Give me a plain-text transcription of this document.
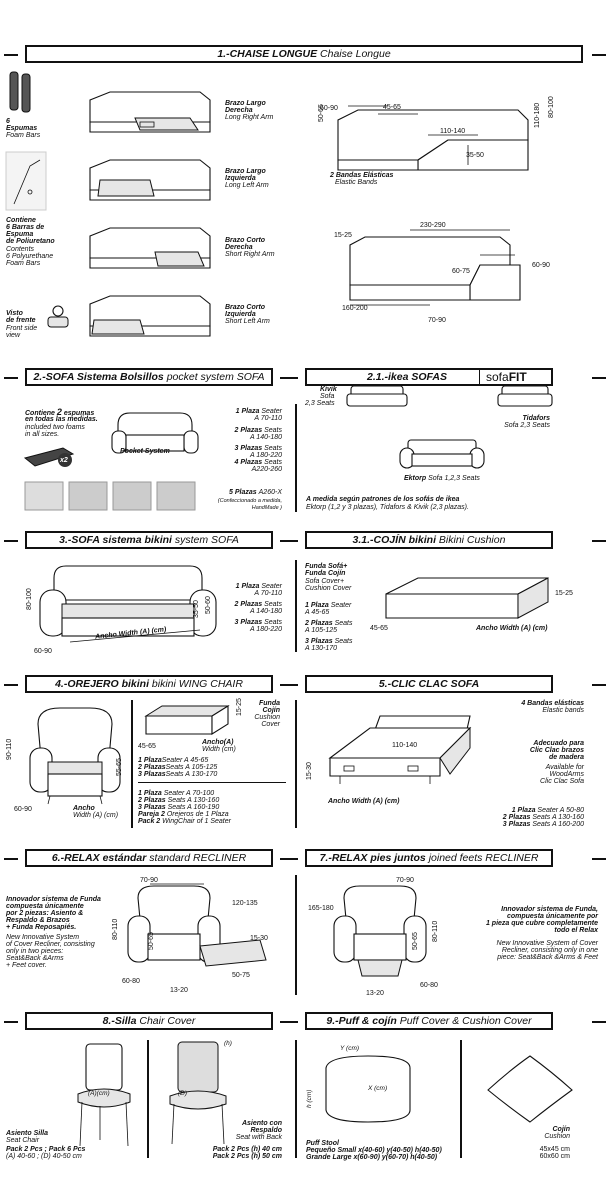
1.-CHAISE LONGUE Chaise Longue
6
Espumas
Foam Bars
Contiene
6 Barras de
Espuma
de Poliuretano
Contents
6 Polyurethane
Foam Bars
Visto
de frente
Front side
view
Brazo Largo
Derecha
Long Right Arm
Brazo Largo
Izquierda
Long Left Arm
Brazo Corto
Derecha
Short Right Arm
Brazo Corto
Izquierda
Short Left Arm
60-90	45-65
50-65
110-140
80-100
110-180
35-50
2 Bandas Elásticas
Elastic Bands
230-290
15-25
60-75
60-90
160-200
70-90
2.-SOFA Sistema Bolsillos pocket system SOFA	2.1.-ikea SOFAS	sofaFIT
Contiene 2 espumas
en todas las medidas.
included two foams
in all sizes.
x2
Pocket System
1 Plaza Seater
A 70-110
2 Plazas Seats
A 140-180
3 Plazas Seats
A 180-220
4 Plazas Seats
A220-260
5 Plazas A260-X
(Confeccionado a medida,
HandMade )
Kivik
Sofa
2,3 Seats
Tidafors
Sofa 2,3 Seats
Ektorp Sofa 1,2,3 Seats
A medida según patrones de los sofás de ikea
Ektorp (1,2 y 3 plazas), Tidafors & Kivik (2,3 plazas).
3.-SOFA sistema bikini system SOFA	3.1.-COJÍN bikini Bikini Cushion
80-100	35-50 50-60
60-90
Ancho Width (A) (cm)
1 Plaza Seater
A 70-110
2 Plazas Seats
A 140-180
3 Plazas Seats
A 180-220
Funda Sofá+
Funda Cojín
Sofa Cover+
Cushion Cover
1 Plaza Seater
A 45-65
2 Plazas Seats
A 105-125
3 Plazas Seats
A 130-170
15-25
45-65	Ancho Width (A) (cm)
4.-OREJERO bikini bikini WING CHAIR	5.-CLIC CLAC SOFA
90-110
55-65
60-90	Ancho
Width (A) (cm)
15-25	Funda
Cojín
Cushion
Cover
45-65
Ancho(A)
Width (cm)
1 PlazaSeater A 45-65
2 PlazasSeats A 105-125
3 PlazasSeats A 130-170
1 Plaza Seater A 70-100
2 Plazas Seats A 130-160
3 Plazas Seats A 160-190
Pareja 2 Orejeros de 1 Plaza
Pack 2 WingChair of 1 Seater
110-140
15-30
Ancho Width (A) (cm)
4 Bandas elásticas
Elastic bands
Adecuado para
Clic Clac brazos
de madera
Available for
WoodArms
Clic Clac Sofa
1 Plaza Seater A 50-80
2 Plazas Seats A 130-160
3 Plazas Seats A 160-200
6.-RELAX estándar standard RECLINER	7.-RELAX pies juntos joined feets RECLINER
Innovador sistema de Funda
compuesta únicamente
por 2 piezas: Asiento &
Respaldo & Brazos
+ Funda Reposapiés.
New Innovative System
of Cover Recliner, consisting
only in two pieces:
Seat&Back &Arms
+ Feet cover.
70-90
80-110
120-135
50-65	15-30
60-80
50-75
13-20
70-90
165-180
80-110
50-65
60-80
13-20
Innovador sistema de Funda,
compuesta únicamente por
1 pieza que cubre completamente
todo el Relax
New Innovative System of Cover
Recliner, consisting only in one
piece: Seat&Back &Arms & Feet
8.-Silla Chair Cover	9.-Puff & cojín Puff Cover & Cushion Cover
(A)(cm)	(D)
(h)
Asiento Silla
Seat Chair
Pack 2 Pcs ; Pack 6 Pcs
(A) 40-60 ; (D) 40-50 cm
Asiento con
Respaldo
Seat with Back
Pack 2 Pcs (h) 40 cm
Pack 2 Pcs (h) 50 cm
Y (cm)
X (cm)
h (cm)
Puff Stool
Pequeño Small x(40-60) y(40-50) h(40-50)
Grande Large x(60-90) y(60-70) h(40-50)
Cojín
Cushion
45x45 cm
60x60 cm
